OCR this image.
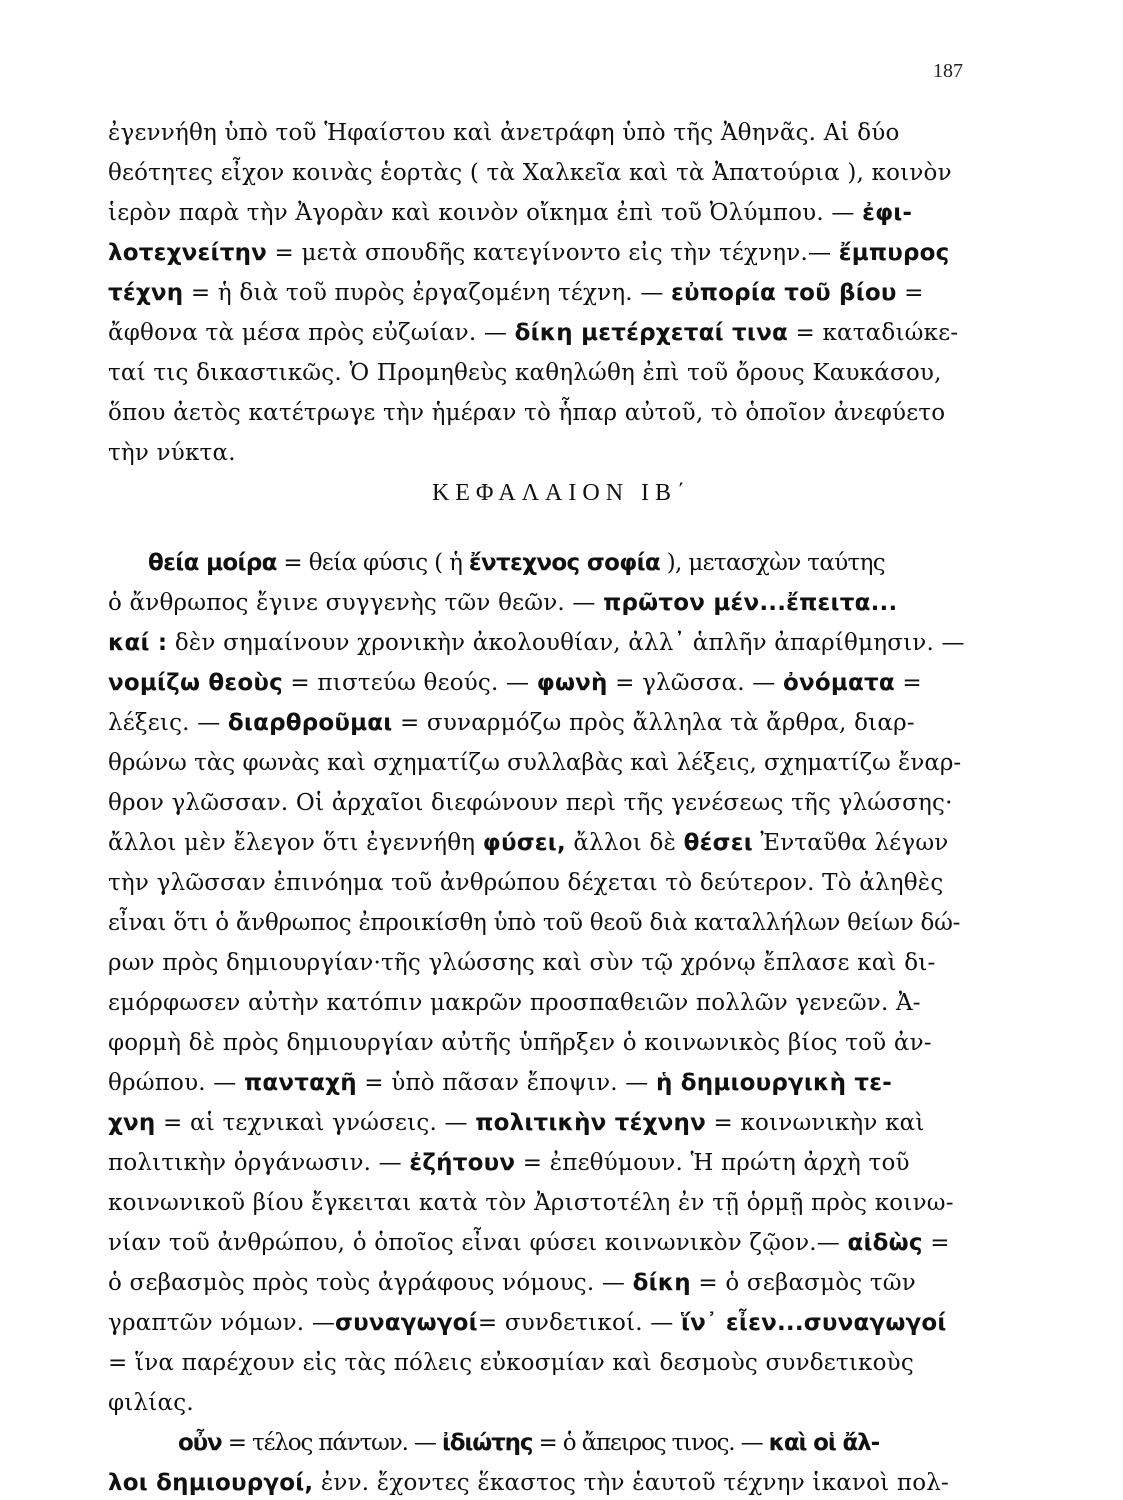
187
ΚΕΦΑΛΑΙΟΝ ΙΒ΄
ἐγεννήθη ὑπὸ τοῦ Ἡφαίστου καὶ ἀνετράφη ὑπὸ τῆς Ἀθηνᾶς. Αἱ δύο
θεότητες εἶχον κοινὰς ἑορτὰς ( τὰ Χαλκεῖα καὶ τὰ Ἀπατούρια ), κοινὸν
ἱερὸν παρὰ τὴν Ἀγορὰν καὶ κοινὸν οἴκημα ἐπὶ τοῦ Ὀλύμπου. — ἐφι-
λοτεχνείτην = μετὰ σπουδῆς κατεγίνοντο εἰς τὴν τέχνην.— ἔμπυρος
τέχνη = ἡ διὰ τοῦ πυρὸς ἐργαζομένη τέχνη. — εὐπορία τοῦ βίου =
ἄφθονα τὰ μέσα πρὸς εὐζωίαν. — δίκη μετέρχεταί τινα = καταδιώκε-
ταί τις δικαστικῶς. Ὁ Προμηθεὺς καθηλώθη ἐπὶ τοῦ ὄρους Καυκάσου,
ὅπου ἀετὸς κατέτρωγε τὴν ἡμέραν τὸ ἧπαρ αὐτοῦ, τὸ ὁποῖον ἀνεφύετο
τὴν νύκτα.
θεία μοίρα = θεία φύσις ( ἡ ἔντεχνος σοφία ), μετασχὼν ταύτης
ὁ ἄνθρωπος ἔγινε συγγενὴς τῶν θεῶν. — πρῶτον μέν...ἔπειτα...
καί : δὲν σημαίνουν χρονικὴν ἀκολουθίαν, ἀλλ᾽ ἁπλῆν ἀπαρίθμησιν. —
νομίζω θεοὺς = πιστεύω θεούς. — φωνὴ = γλῶσσα. — ὀνόματα =
λέξεις. — διαρθροῦμαι = συναρμόζω πρὸς ἄλληλα τὰ ἄρθρα, διαρ-
θρώνω τὰς φωνὰς καὶ σχηματίζω συλλαβὰς καὶ λέξεις, σχηματίζω ἔναρ-
θρον γλῶσσαν. Οἱ ἀρχαῖοι διεφώνουν περὶ τῆς γενέσεως τῆς γλώσσης·
ἄλλοι μὲν ἔλεγον ὅτι ἐγεννήθη φύσει, ἄλλοι δὲ θέσει Ἐνταῦθα λέγων
τὴν γλῶσσαν ἐπινόημα τοῦ ἀνθρώπου δέχεται τὸ δεύτερον. Τὸ ἀληθὲς
εἶναι ὅτι ὁ ἄνθρωπος ἐπροικίσθη ὑπὸ τοῦ θεοῦ διὰ καταλλήλων θείων δώ-
ρων πρὸς δημιουργίαν·τῆς γλώσσης καὶ σὺν τῷ χρόνῳ ἔπλασε καὶ δι-
εμόρφωσεν αὐτὴν κατόπιν μακρῶν προσπαθειῶν πολλῶν γενεῶν. Ἀ-
φορμὴ δὲ πρὸς δημιουργίαν αὐτῆς ὑπῆρξεν ὁ κοινωνικὸς βίος τοῦ ἀν-
θρώπου. — πανταχῆ = ὑπὸ πᾶσαν ἔποψιν. — ἡ δημιουργικὴ τε-
χνη = αἱ τεχνικαὶ γνώσεις. — πολιτικὴν τέχνην = κοινωνικὴν καὶ
πολιτικὴν ὀργάνωσιν. — ἐζήτουν = ἐπεθύμουν. Ἡ πρώτη ἀρχὴ τοῦ
κοινωνικοῦ βίου ἔγκειται κατὰ τὸν Ἀριστοτέλη ἐν τῇ ὁρμῇ πρὸς κοινω-
νίαν τοῦ ἀνθρώπου, ὁ ὁποῖος εἶναι φύσει κοινωνικὸν ζῷον.— αἰδὼς =
ὁ σεβασμὸς πρὸς τοὺς ἀγράφους νόμους. — δίκη = ὁ σεβασμὸς τῶν
γραπτῶν νόμων. —συναγωγοί= συνδετικοί. — ἵν᾽ εἶεν...συναγωγοί
= ἵνα παρέχουν εἰς τὰς πόλεις εὐκοσμίαν καὶ δεσμοὺς συνδετικοὺς
φιλίας.
οὖν = τέλος πάντων. — ἰδιώτης = ὁ ἄπειρος τινος. — καὶ οἱ ἄλ-
λοι δημιουργοί, ἐνν. ἔχοντες ἕκαστος τὴν ἑαυτοῦ τέχνην ἱκανοὶ πολ-
